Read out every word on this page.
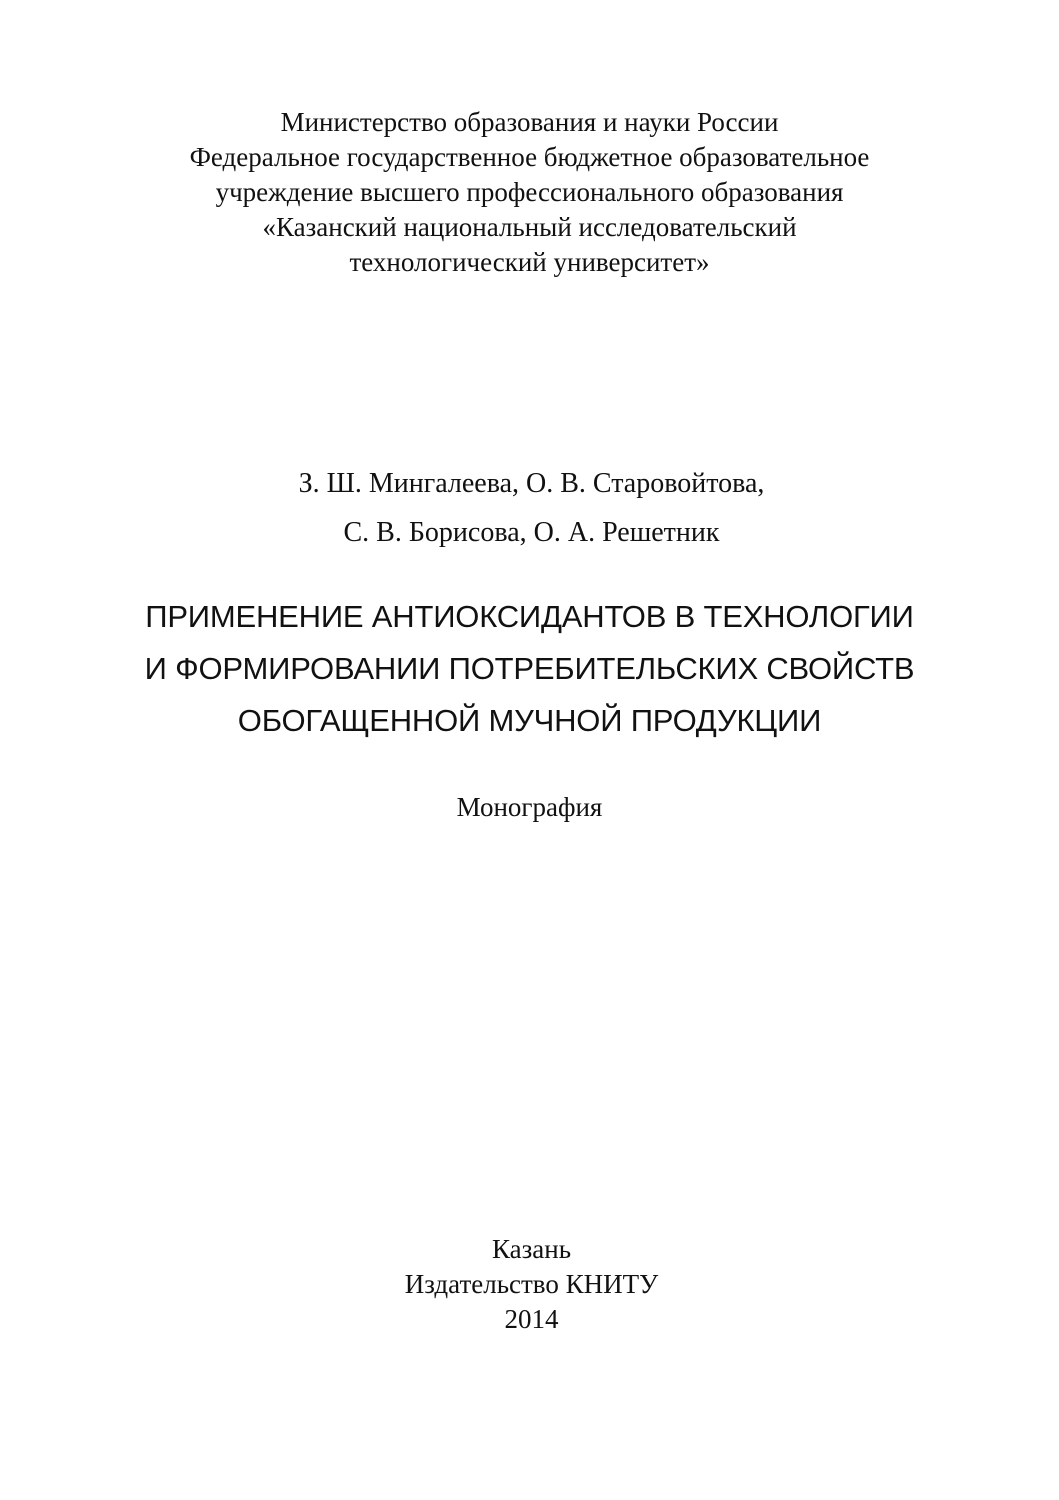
Министерство образования и науки России
Федеральное государственное бюджетное образовательное
учреждение высшего профессионального образования
«Казанский национальный исследовательский
технологический университет»
З. Ш. Мингалеева, О. В. Старовойтова,
С. В. Борисова, О. А. Решетник
ПРИМЕНЕНИЕ АНТИОКСИДАНТОВ В ТЕХНОЛОГИИ
И ФОРМИРОВАНИИ ПОТРЕБИТЕЛЬСКИХ СВОЙСТВ
ОБОГАЩЕННОЙ МУЧНОЙ ПРОДУКЦИИ
Монография
Казань
Издательство КНИТУ
2014
